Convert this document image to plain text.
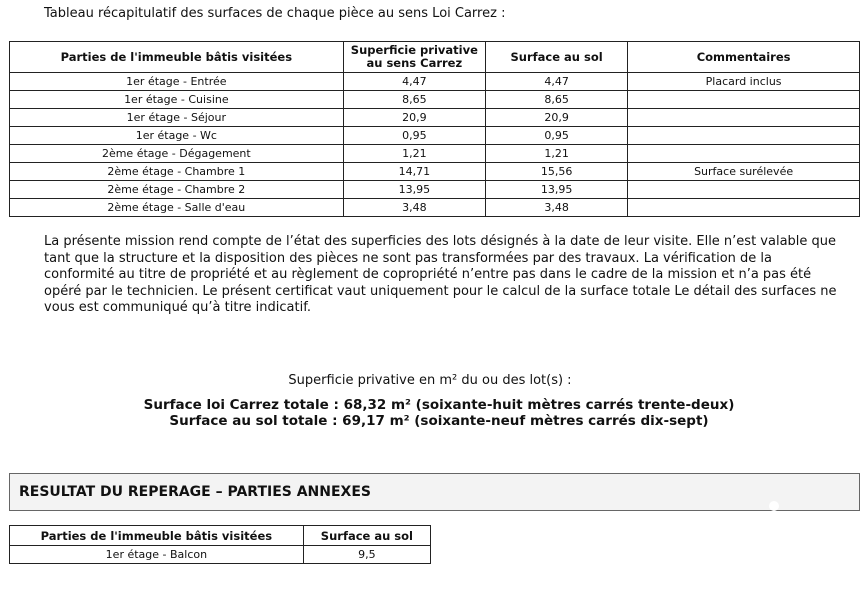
Tableau récapitulatif des surfaces de chaque pièce au sens Loi Carrez :
Parties de l'immeuble bâtis visitées	Superficie privative au sens Carrez	Surface au sol	Commentaires
1er étage - Entrée	4,47	4,47	Placard inclus
1er étage - Cuisine	8,65	8,65	
1er étage - Séjour	20,9	20,9	
1er étage - Wc	0,95	0,95	
2ème étage - Dégagement	1,21	1,21	
2ème étage - Chambre 1	14,71	15,56	Surface surélevée
2ème étage - Chambre 2	13,95	13,95	
2ème étage - Salle d'eau	3,48	3,48	
La présente mission rend compte de l’état des superficies des lots désignés à la date de leur visite. Elle n’est valable que tant que la structure et la disposition des pièces ne sont pas transformées par des travaux. La vérification de la conformité au titre de propriété et au règlement de copropriété n’entre pas dans le cadre de la mission et n’a pas été opéré par le technicien. Le présent certificat vaut uniquement pour le calcul de la surface totale Le détail des surfaces ne vous est communiqué qu’à titre indicatif.
Superficie privative en m² du ou des lot(s) :
Surface loi Carrez totale : 68,32 m² (soixante-huit mètres carrés trente-deux)
Surface au sol totale : 69,17 m² (soixante-neuf mètres carrés dix-sept)
RESULTAT DU REPERAGE – PARTIES ANNEXES
Parties de l'immeuble bâtis visitées	Surface au sol
1er étage - Balcon	9,5
